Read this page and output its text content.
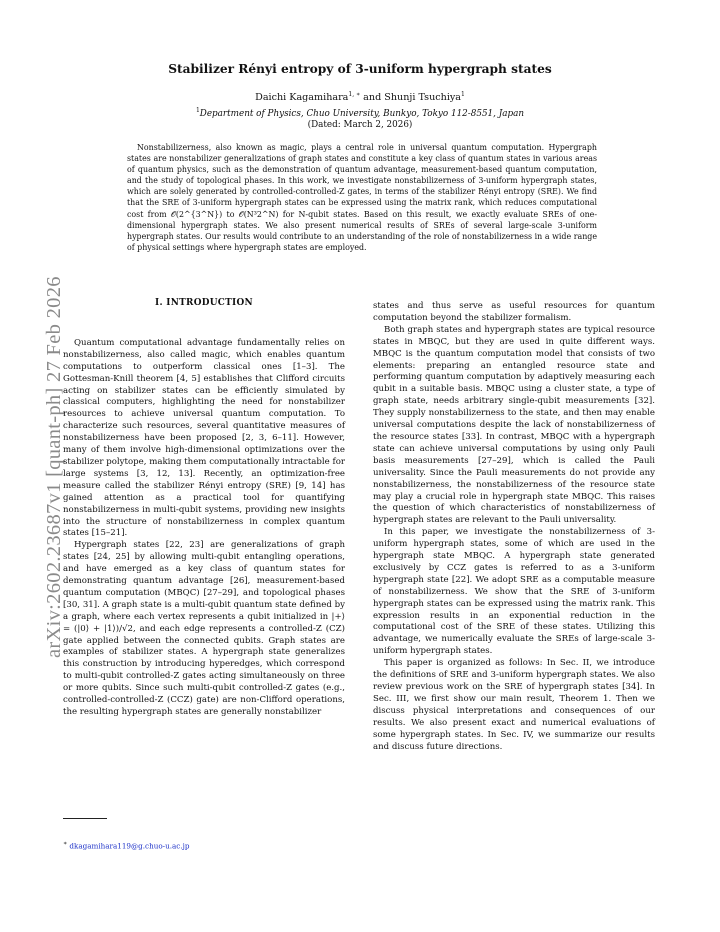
arXiv:2602.23687v1 [quant-ph] 27 Feb 2026
Stabilizer Rényi entropy of 3-uniform hypergraph states
Daichi Kagamihara$^{1, ∗}$ and Shunji Tsuchiya$^1$
$^1$Department of Physics, Chuo University, Bunkyo, Tokyo 112-8551, Japan
(Dated: March 2, 2026)
Nonstabilizerness, also known as magic, plays a central role in universal quantum computation. Hypergraph states are nonstabilizer generalizations of graph states and constitute a key class of quantum states in various areas of quantum physics, such as the demonstration of quantum advantage, measurement-based quantum computation, and the study of topological phases. In this work, we investigate nonstabilizerness of 3-uniform hypergraph states, which are solely generated by controlled-controlled-Z gates, in terms of the stabilizer Rényi entropy (SRE). We find that the SRE of 3-uniform hypergraph states can be expressed using the matrix rank, which reduces computational cost from 𝒪(2^{3^N}) to 𝒪(N³2^N) for N-qubit states. Based on this result, we exactly evaluate SREs of one-dimensional hypergraph states. We also present numerical results of SREs of several large-scale 3-uniform hypergraph states. Our results would contribute to an understanding of the role of nonstabilizerness in a wide range of physical settings where hypergraph states are employed.

I. INTRODUCTION

Quantum computational advantage fundamentally relies on nonstabilizerness, also called magic, which enables quantum computations to outperform classical ones [1–3]. The Gottesman-Knill theorem [4, 5] establishes that Clifford circuits acting on stabilizer states can be efficiently simulated by classical computers, highlighting the need for nonstabilizer resources to achieve universal quantum computation. To characterize such resources, several quantitative measures of nonstabilizerness have been proposed [2, 3, 6–11]. However, many of them involve high-dimensional optimizations over the stabilizer polytope, making them computationally intractable for large systems [3, 12, 13]. Recently, an optimization-free measure called the stabilizer Rényi entropy (SRE) [9, 14] has gained attention as a practical tool for quantifying nonstabilizerness in multi-qubit systems, providing new insights into the structure of nonstabilizerness in complex quantum states [15–21].

Hypergraph states [22, 23] are generalizations of graph states [24, 25] by allowing multi-qubit entangling operations, and have emerged as a key class of quantum states for demonstrating quantum advantage [26], measurement-based quantum computation (MBQC) [27–29], and topological phases [30, 31]. A graph state is a multi-qubit quantum state defined by a graph, where each vertex represents a qubit initialized in |+⟩ = (|0⟩ + |1⟩)/√2, and each edge represents a controlled-Z (CZ) gate applied between the connected qubits. Graph states are examples of stabilizer states. A hypergraph state generalizes this construction by introducing hyperedges, which correspond to multi-qubit controlled-Z gates acting simultaneously on three or more qubits. Since such multi-qubit controlled-Z gates (e.g., controlled-controlled-Z (CCZ) gate) are non-Clifford operations, the resulting hypergraph states are generally nonstabilizer

states and thus serve as useful resources for quantum computation beyond the stabilizer formalism.

Both graph states and hypergraph states are typical resource states in MBQC, but they are used in quite different ways. MBQC is the quantum computation model that consists of two elements: preparing an entangled resource state and performing quantum computation by adaptively measuring each qubit in a suitable basis. MBQC using a cluster state, a type of graph state, needs arbitrary single-qubit measurements [32]. They supply nonstabilizerness to the state, and then may enable universal computations despite the lack of nonstabilizerness of the resource states [33]. In contrast, MBQC with a hypergraph state can achieve universal computations by using only Pauli basis measurements [27–29], which is called the Pauli universality. Since the Pauli measurements do not provide any nonstabilizerness, the nonstabilizerness of the resource state may play a crucial role in hypergraph state MBQC. This raises the question of which characteristics of nonstabilizerness of hypergraph states are relevant to the Pauli universality.

In this paper, we investigate the nonstabilizerness of 3-uniform hypergraph states, some of which are used in the hypergraph state MBQC. A hypergraph state generated exclusively by CCZ gates is referred to as a 3-uniform hypergraph state [22]. We adopt SRE as a computable measure of nonstabilizerness. We show that the SRE of 3-uniform hypergraph states can be expressed using the matrix rank. This expression results in an exponential reduction in the computational cost of the SRE of these states. Utilizing this advantage, we numerically evaluate the SREs of large-scale 3-uniform hypergraph states.

This paper is organized as follows: In Sec. II, we introduce the definitions of SRE and 3-uniform hypergraph states. We also review previous work on the SRE of hypergraph states [34]. In Sec. III, we first show our main result, Theorem 1. Then we discuss physical interpretations and consequences of our results. We also present exact and numerical evaluations of some hypergraph states. In Sec. IV, we summarize our results and discuss future directions.

∗ dkagamihara119@g.chuo-u.ac.jp
